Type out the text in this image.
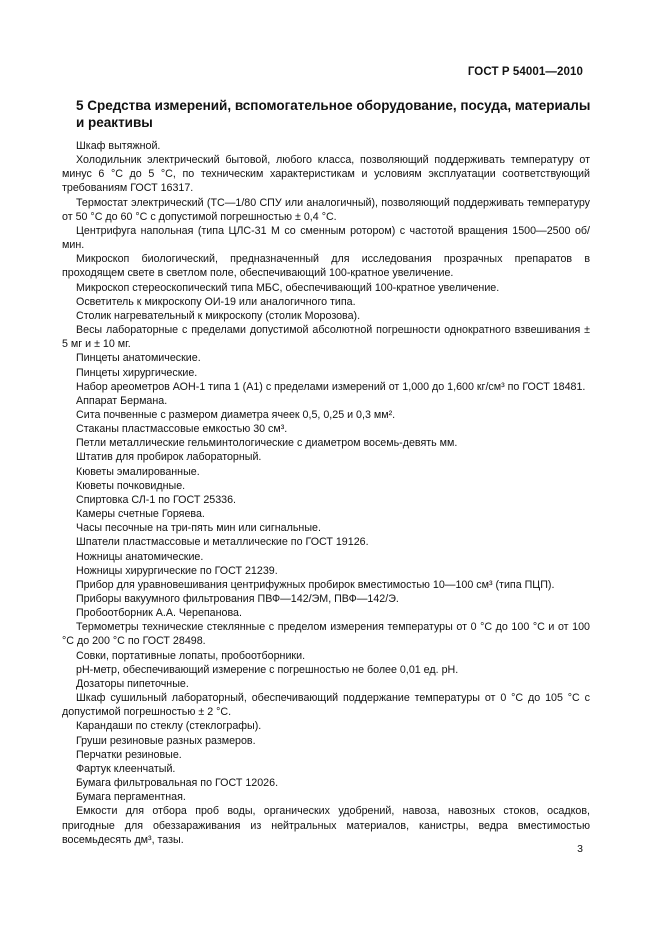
ГОСТ Р 54001—2010
5 Средства измерений, вспомогательное оборудование, посуда, материалы и реактивы

Шкаф вытяжной.

Холодильник электрический бытовой, любого класса, позволяющий поддерживать температуру от минус 6 °С до 5 °С, по техническим характеристикам и условиям эксплуатации соответствующий требованиям ГОСТ 16317.

Термостат электрический (ТС—1/80 СПУ или аналогичный), позволяющий поддерживать температуру от 50 °С до 60 °С с допустимой погрешностью ± 0,4 °С.

Центрифуга напольная (типа ЦЛС-31 М со сменным ротором) с частотой вращения 1500—2500 об/мин.

Микроскоп биологический, предназначенный для исследования прозрачных препаратов в проходящем свете в светлом поле, обеспечивающий 100-кратное увеличение.

Микроскоп стереоскопический типа МБС, обеспечивающий 100-кратное увеличение.

Осветитель к микроскопу ОИ-19 или аналогичного типа.

Столик нагревательный к микроскопу (столик Морозова).

Весы лабораторные с пределами допустимой абсолютной погрешности однократного взвешивания ± 5 мг и ± 10 мг.

Пинцеты анатомические.

Пинцеты хирургические.

Набор ареометров АОН-1 типа 1 (А1) с пределами измерений от 1,000 до 1,600 кг/см³ по ГОСТ 18481.

Аппарат Бермана.

Сита почвенные с размером диаметра ячеек 0,5, 0,25 и 0,3 мм².

Стаканы пластмассовые емкостью 30 см³.

Петли металлические гельминтологические с диаметром восемь-девять мм.

Штатив для пробирок лабораторный.

Кюветы эмалированные.

Кюветы почковидные.

Спиртовка СЛ-1 по ГОСТ 25336.

Камеры счетные Горяева.

Часы песочные на три-пять мин или сигнальные.

Шпатели пластмассовые и металлические по ГОСТ 19126.

Ножницы анатомические.

Ножницы хирургические по ГОСТ 21239.

Прибор для уравновешивания центрифужных пробирок вместимостью 10—100 см³ (типа ПЦП).

Приборы вакуумного фильтрования ПВФ—142/ЭМ, ПВФ—142/Э.

Пробоотборник А.А. Черепанова.

Термометры технические стеклянные с пределом измерения температуры от 0 °С до 100 °С и от 100 °С до 200 °С по ГОСТ 28498.

Совки, портативные лопаты, пробоотборники.

pH-метр, обеспечивающий измерение с погрешностью не более 0,01 ед. pH.

Дозаторы пипеточные.

Шкаф сушильный лабораторный, обеспечивающий поддержание температуры от 0 °С до 105 °С с допустимой погрешностью ± 2 °С.

Карандаши по стеклу (стеклографы).

Груши резиновые разных размеров.

Перчатки резиновые.

Фартук клеенчатый.

Бумага фильтровальная по ГОСТ 12026.

Бумага пергаментная.

Емкости для отбора проб воды, органических удобрений, навоза, навозных стоков, осадков, пригодные для обеззараживания из нейтральных материалов, канистры, ведра вместимостью восемьдесять дм³, тазы.

3
